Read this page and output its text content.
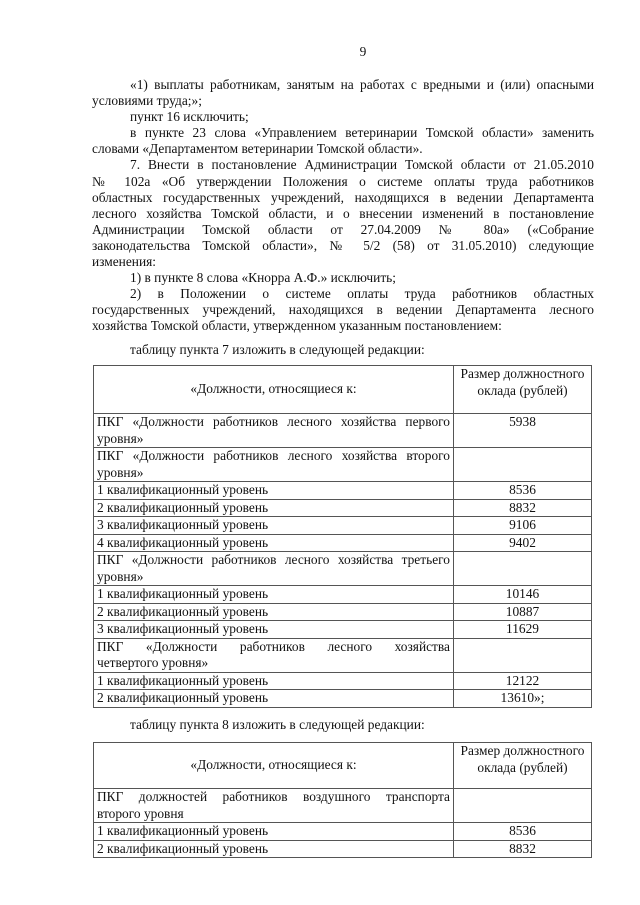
9
«1) выплаты работникам, занятым на работах с вредными и (или) опасными
условиями труда;»;
пункт 16 исключить;
в пункте 23 слова «Управлением ветеринарии Томской области» заменить
словами «Департаментом ветеринарии Томской области».
7. Внести в постановление Администрации Томской области от 21.05.2010
№ 102а «Об утверждении Положения о системе оплаты труда работников
областных государственных учреждений, находящихся в ведении Департамента
лесного хозяйства Томской области, и о внесении изменений в постановление
Администрации Томской области от 27.04.2009 № 80а» («Собрание
законодательства Томской области», № 5/2 (58) от 31.05.2010) следующие
изменения:
1) в пункте 8 слова «Кнорра А.Ф.» исключить;
2) в Положении о системе оплаты труда работников областных
государственных учреждений, находящихся в ведении Департамента лесного
хозяйства Томской области, утвержденном указанным постановлением:
таблицу пункта 7 изложить в следующей редакции:
«Должности, относящиеся к:	Размер должностного
оклада (рублей)

ПКГ «Должности работников лесного хозяйства первого
уровня»	5938

ПКГ «Должности работников лесного хозяйства второго
уровня»	

1 квалификационный уровень	8536

2 квалификационный уровень	8832

3 квалификационный уровень	9106

4 квалификационный уровень	9402

ПКГ «Должности работников лесного хозяйства третьего
уровня»	

1 квалификационный уровень	10146

2 квалификационный уровень	10887

3 квалификационный уровень	11629

ПКГ «Должности работников лесного хозяйства
четвертого уровня»	

1 квалификационный уровень	12122

2 квалификационный уровень	13610»;
таблицу пункта 8 изложить в следующей редакции:
«Должности, относящиеся к:	Размер должностного
оклада (рублей)

ПКГ должностей работников воздушного транспорта
второго уровня	

1 квалификационный уровень	8536

2 квалификационный уровень	8832
